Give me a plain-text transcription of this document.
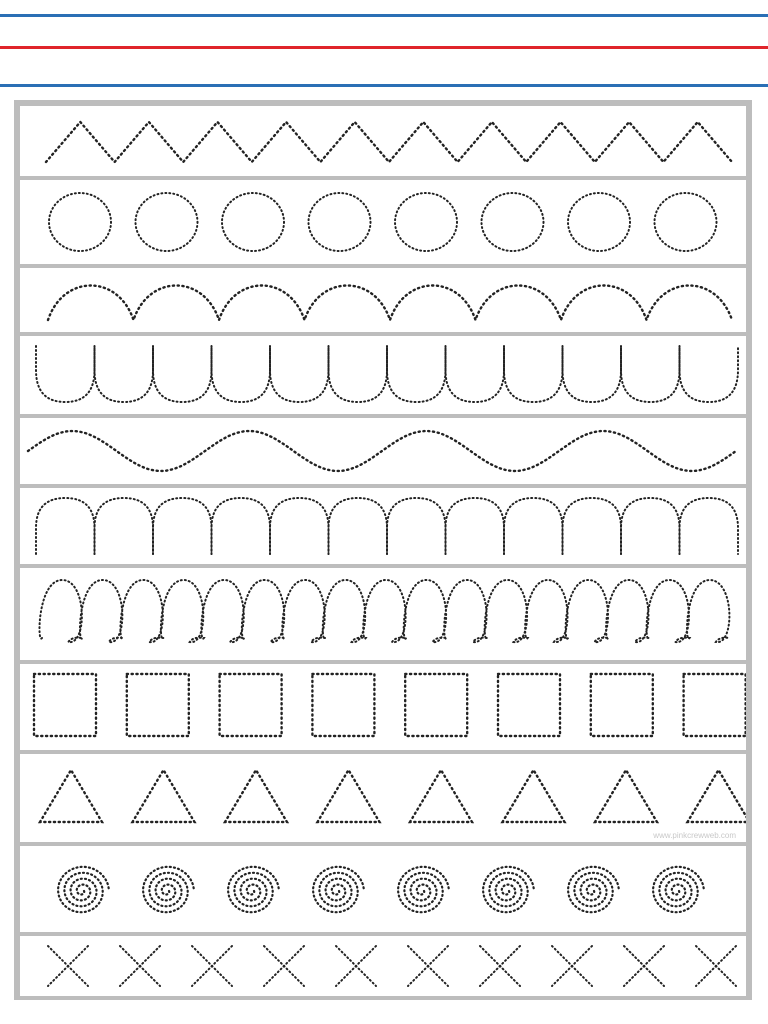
www.pinkcrewweb.com
